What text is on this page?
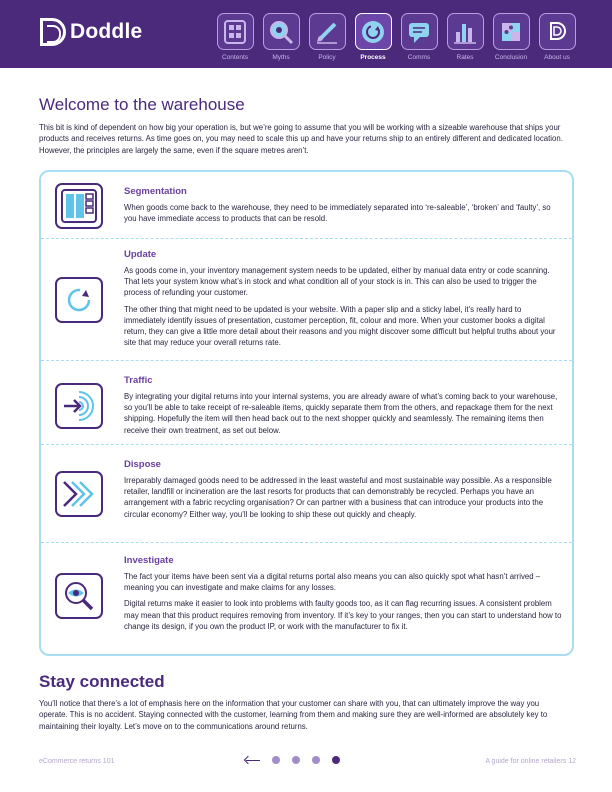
Doddle
Contents	Myths	Policy	Process	Comms	Rates	Conclusion	About us
Welcome to the warehouse

This bit is kind of dependent on how big your operation is, but we’re going to assume that you will be working with a sizeable warehouse that ships your products and receives returns. As time goes on, you may need to scale this up and have your returns ship to an entirely different and dedicated location. However, the principles are largely the same, even if the square metres aren’t.

Segmentation

When goods come back to the warehouse, they need to be immediately separated into ‘re-saleable’, ‘broken’ and ‘faulty’, so you have immediate access to products that can be resold.

Update

As goods come in, your inventory management system needs to be updated, either by manual data entry or code scanning. That lets your system know what’s in stock and what condition all of your stock is in. This can also be used to trigger the process of refunding your customer.

The other thing that might need to be updated is your website. With a paper slip and a sticky label, it’s really hard to immediately identify issues of presentation, customer perception, fit, colour and more. When your customer books a digital return, they can give a little more detail about their reasons and you might discover some difficult but helpful truths about your site that may reduce your overall returns rate.

Traffic

By integrating your digital returns into your internal systems, you are already aware of what’s coming back to your warehouse, so you’ll be able to take receipt of re-saleable items, quickly separate them from the others, and repackage them for the next shipping. Hopefully the item will then head back out to the next shopper quickly and seamlessly. The remaining items then receive their own treatment, as set out below.

Dispose

Irreparably damaged goods need to be addressed in the least wasteful and most sustainable way possible. As a responsible retailer, landfill or incineration are the last resorts for products that can demonstrably be recycled. Perhaps you have an arrangement with a fabric recycling organisation? Or can partner with a business that can introduce your products into the circular economy? Either way, you’ll be looking to ship these out quickly and cheaply.

Investigate

The fact your items have been sent via a digital returns portal also means you can also quickly spot what hasn’t arrived – meaning you can investigate and make claims for any losses.

Digital returns make it easier to look into problems with faulty goods too, as it can flag recurring issues. A consistent problem may mean that this product requires removing from inventory. If it’s key to your ranges, then you can start to understand how to change its design, if you own the product IP, or work with the manufacturer to fix it.

Stay connected

You’ll notice that there’s a lot of emphasis here on the information that your customer can share with you, that can ultimately improve the way you operate. This is no accident. Staying connected with the customer, learning from them and making sure they are well-informed are absolutely key to maintaining their loyalty. Let’s move on to the communications around returns.

eCommerce returns 101	A guide for online retailers 12
